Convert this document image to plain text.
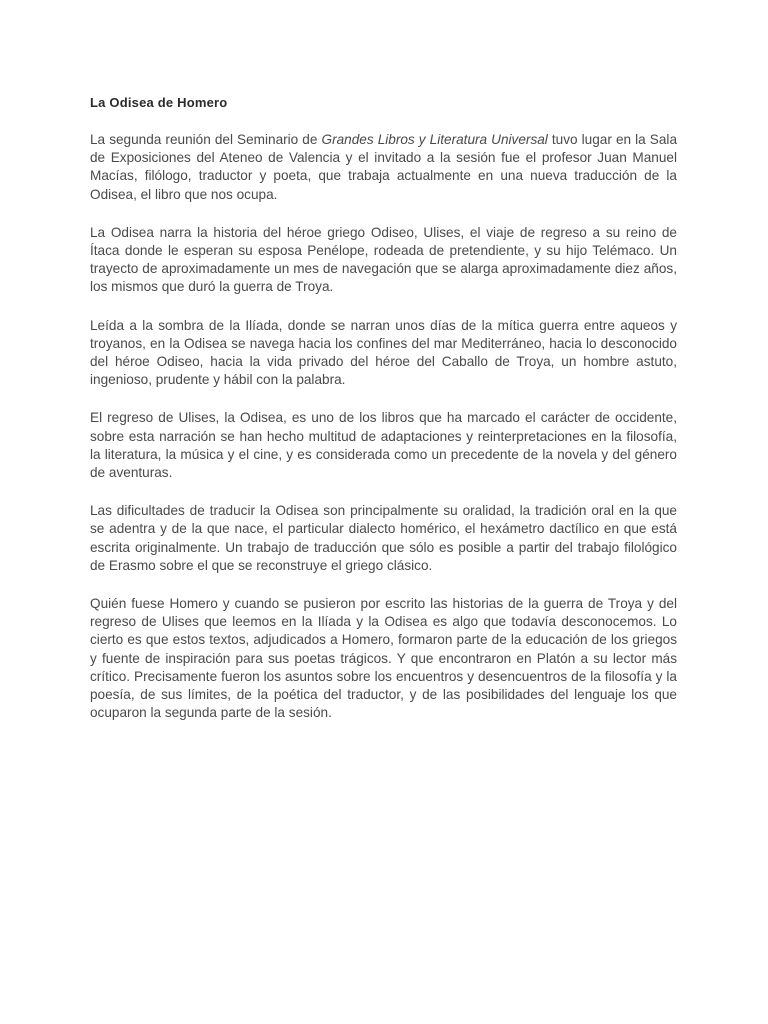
La Odisea de Homero

La segunda reunión del Seminario de Grandes Libros y Literatura Universal tuvo lugar en la Sala de Exposiciones del Ateneo de Valencia y el invitado a la sesión fue el profesor Juan Manuel Macías, filólogo, traductor y poeta, que trabaja actualmente en una nueva traducción de la Odisea, el libro que nos ocupa.

La Odisea narra la historia del héroe griego Odiseo, Ulises, el viaje de regreso a su reino de Ítaca donde le esperan su esposa Penélope, rodeada de pretendiente, y su hijo Telémaco. Un trayecto de aproximadamente un mes de navegación que se alarga aproximadamente diez años, los mismos que duró la guerra de Troya.

Leída a la sombra de la Ilíada, donde se narran unos días de la mítica guerra entre aqueos y troyanos, en la Odisea se navega hacia los confines del mar Mediterráneo, hacia lo desconocido del héroe Odiseo, hacia la vida privado del héroe del Caballo de Troya, un hombre astuto, ingenioso, prudente y hábil con la palabra.

El regreso de Ulises, la Odisea, es uno de los libros que ha marcado el carácter de occidente, sobre esta narración se han hecho multitud de adaptaciones y reinterpretaciones en la filosofía, la literatura, la música y el cine, y es considerada como un precedente de la novela y del género de aventuras.

Las dificultades de traducir la Odisea son principalmente su oralidad, la tradición oral en la que se adentra y de la que nace, el particular dialecto homérico, el hexámetro dactílico en que está escrita originalmente. Un trabajo de traducción que sólo es posible a partir del trabajo filológico de Erasmo sobre el que se reconstruye el griego clásico.

Quién fuese Homero y cuando se pusieron por escrito las historias de la guerra de Troya y del regreso de Ulises que leemos en la Ilíada y la Odisea es algo que todavía desconocemos. Lo cierto es que estos textos, adjudicados a Homero, formaron parte de la educación de los griegos y fuente de inspiración para sus poetas trágicos. Y que encontraron en Platón a su lector más crítico. Precisamente fueron los asuntos sobre los encuentros y desencuentros de la filosofía y la poesía, de sus límites, de la poética del traductor, y de las posibilidades del lenguaje los que ocuparon la segunda parte de la sesión.
